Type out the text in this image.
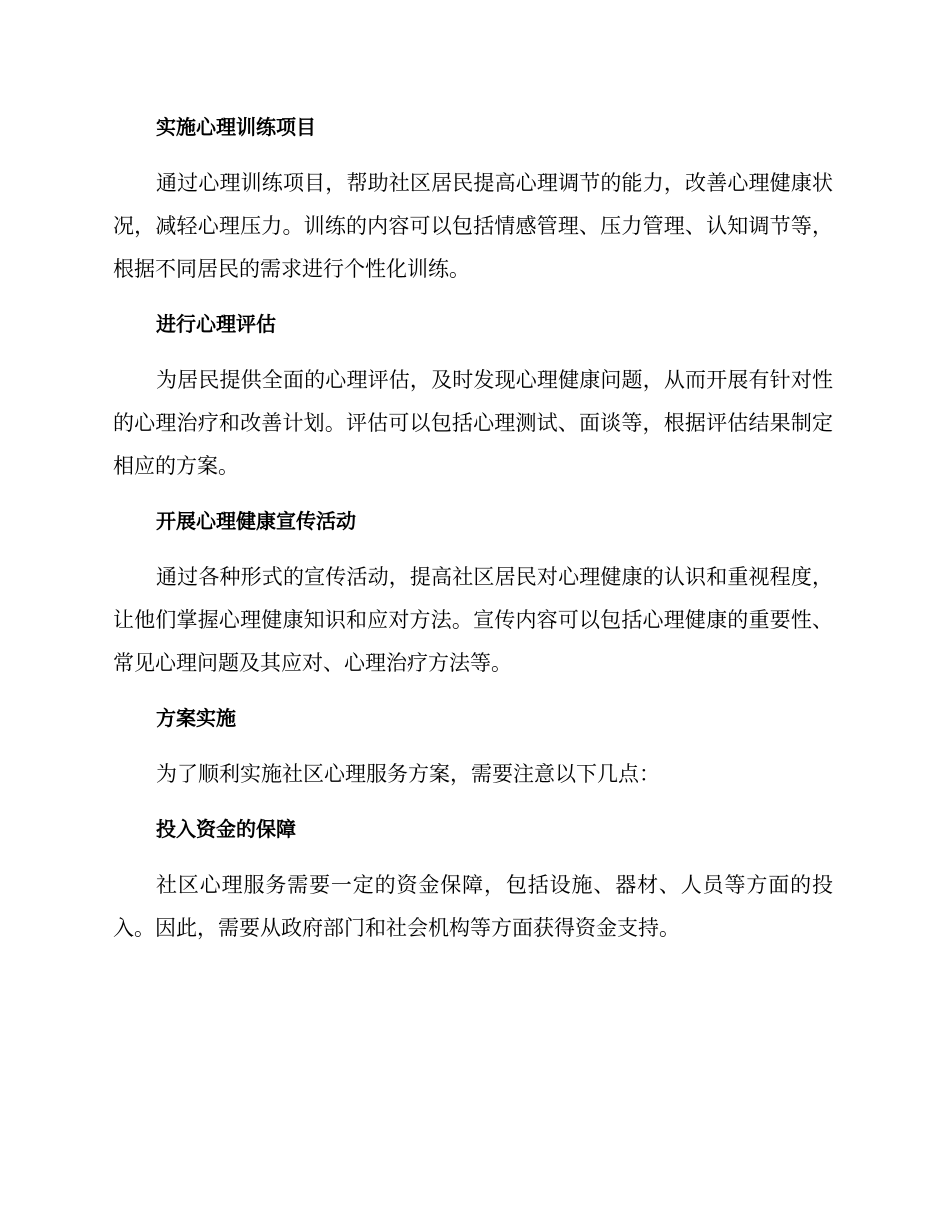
实施心理训练项目

通过心理训练项目，帮助社区居民提高心理调节的能力，改善心理健康状况，减轻心理压力。训练的内容可以包括情感管理、压力管理、认知调节等，根据不同居民的需求进行个性化训练。

进行心理评估

为居民提供全面的心理评估，及时发现心理健康问题，从而开展有针对性的心理治疗和改善计划。评估可以包括心理测试、面谈等，根据评估结果制定相应的方案。

开展心理健康宣传活动

通过各种形式的宣传活动，提高社区居民对心理健康的认识和重视程度，让他们掌握心理健康知识和应对方法。宣传内容可以包括心理健康的重要性、常见心理问题及其应对、心理治疗方法等。

方案实施

为了顺利实施社区心理服务方案，需要注意以下几点：

投入资金的保障

社区心理服务需要一定的资金保障，包括设施、器材、人员等方面的投入。因此，需要从政府部门和社会机构等方面获得资金支持。
